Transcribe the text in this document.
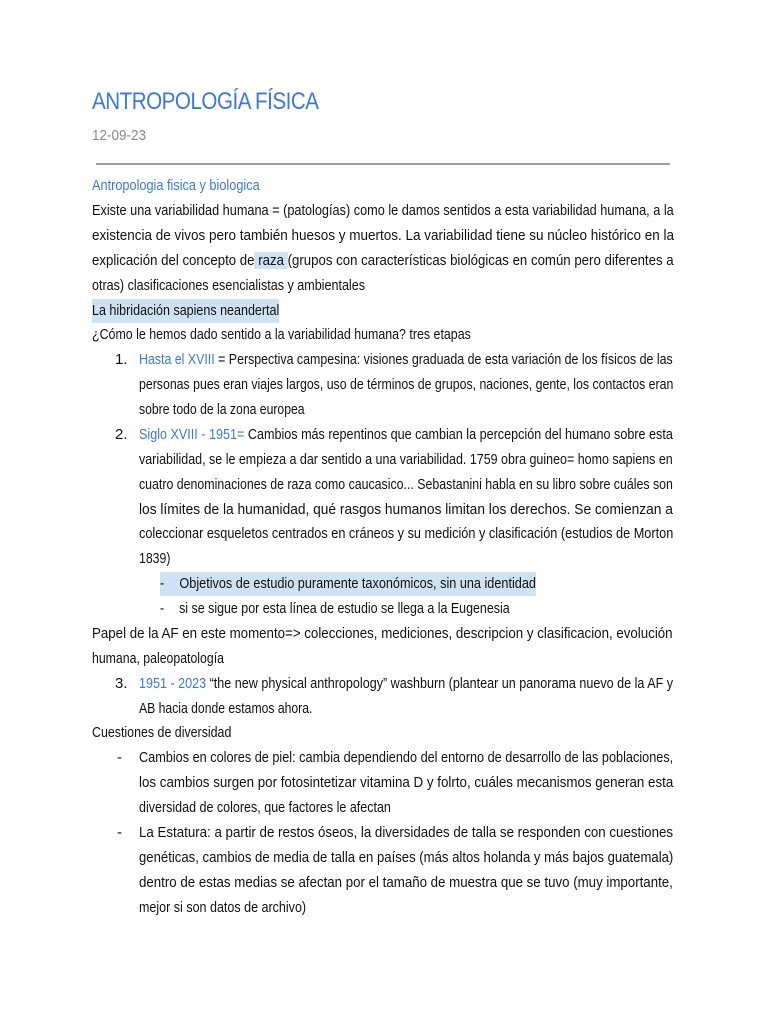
ANTROPOLOGÍA FÍSICA
12-09-23
Antropologia fisica y biologica
Existe una variabilidad humana = (patologías) como le damos sentidos a esta variabilidad humana, a la
existencia de vivos pero también huesos y muertos. La variabilidad tiene su núcleo histórico en la
explicación del concepto de raza (grupos con características biológicas en común pero diferentes a
otras) clasificaciones esencialistas y ambientales
La hibridación sapiens neandertal
¿Cómo le hemos dado sentido a la variabilidad humana? tres etapas
1. Hasta el XVIII = Perspectiva campesina: visiones graduada de esta variación de los físicos de las
personas pues eran viajes largos, uso de términos de grupos, naciones, gente, los contactos eran
sobre todo de la zona europea
2. Siglo XVIII - 1951= Cambios más repentinos que cambian la percepción del humano sobre esta
variabilidad, se le empieza a dar sentido a una variabilidad. 1759 obra guineo= homo sapiens en
cuatro denominaciones de raza como caucasico... Sebastanini habla en su libro sobre cuáles son
los límites de la humanidad, qué rasgos humanos limitan los derechos. Se comienzan a
coleccionar esqueletos centrados en cráneos y su medición y clasificación (estudios de Morton
1839)
- Objetivos de estudio puramente taxonómicos, sin una identidad
- si se sigue por esta línea de estudio se llega a la Eugenesia
Papel de la AF en este momento=> colecciones, mediciones, descripcion y clasificacion, evolución
humana, paleopatología
3. 1951 - 2023 “the new physical anthropology” washburn (plantear un panorama nuevo de la AF y
AB hacia donde estamos ahora.
Cuestiones de diversidad
- Cambios en colores de piel: cambia dependiendo del entorno de desarrollo de las poblaciones,
los cambios surgen por fotosintetizar vitamina D y folrto, cuáles mecanismos generan esta
diversidad de colores, que factores le afectan
- La Estatura: a partir de restos óseos, la diversidades de talla se responden con cuestiones
genéticas, cambios de media de talla en países (más altos holanda y más bajos guatemala)
dentro de estas medias se afectan por el tamaño de muestra que se tuvo (muy importante,
mejor si son datos de archivo)
